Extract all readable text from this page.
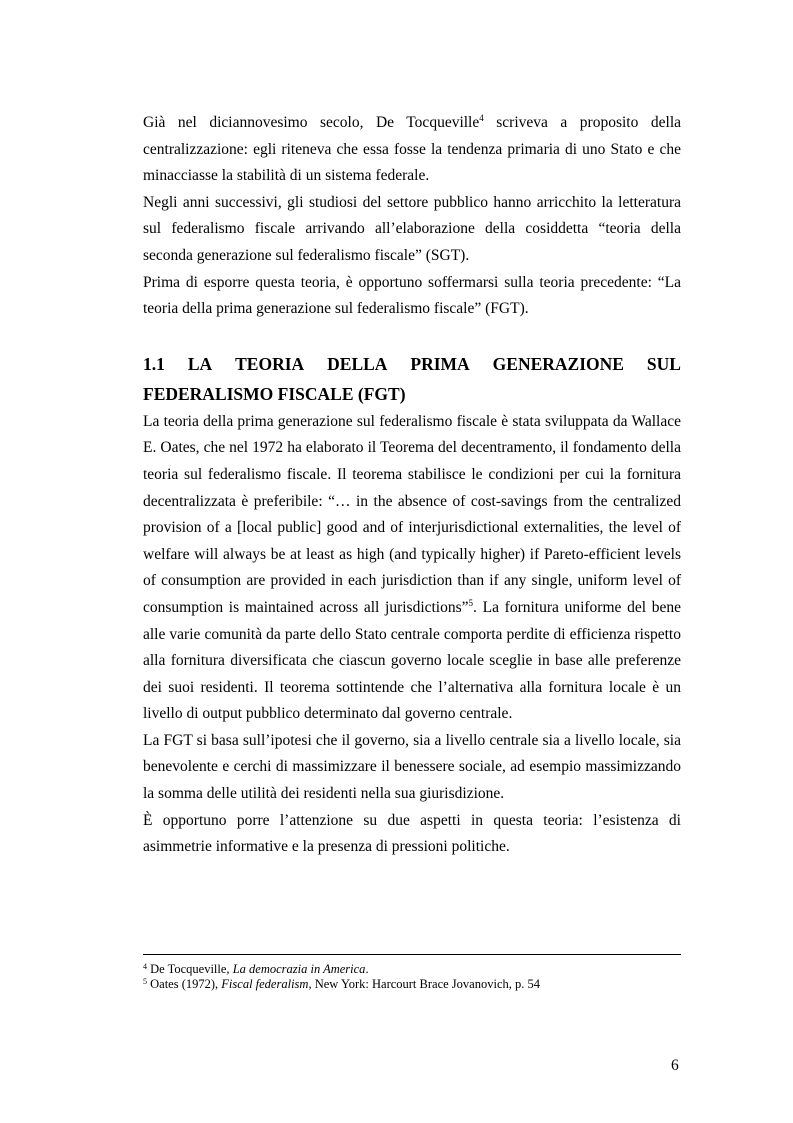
Già nel diciannovesimo secolo, De Tocqueville$^4$ scriveva a proposito della centralizzazione: egli riteneva che essa fosse la tendenza primaria di uno Stato e che minacciasse la stabilità di un sistema federale.

Negli anni successivi, gli studiosi del settore pubblico hanno arricchito la letteratura sul federalismo fiscale arrivando all’elaborazione della cosiddetta “teoria della seconda generazione sul federalismo fiscale” (SGT).

Prima di esporre questa teoria, è opportuno soffermarsi sulla teoria precedente: “La teoria della prima generazione sul federalismo fiscale” (FGT).

1.1 LA TEORIA DELLA PRIMA GENERAZIONE SUL
FEDERALISMO FISCALE (FGT)

La teoria della prima generazione sul federalismo fiscale è stata sviluppata da Wallace E. Oates, che nel 1972 ha elaborato il Teorema del decentramento, il fondamento della teoria sul federalismo fiscale. Il teorema stabilisce le condizioni per cui la fornitura decentralizzata è preferibile: “… in the absence of cost-savings from the centralized provision of a [local public] good and of interjurisdictional externalities, the level of welfare will always be at least as high (and typically higher) if Pareto-efficient levels of consumption are provided in each jurisdiction than if any single, uniform level of consumption is maintained across all jurisdictions”$^5$. La fornitura uniforme del bene alle varie comunità da parte dello Stato centrale comporta perdite di efficienza rispetto alla fornitura diversificata che ciascun governo locale sceglie in base alle preferenze dei suoi residenti. Il teorema sottintende che l’alternativa alla fornitura locale è un livello di output pubblico determinato dal governo centrale.

La FGT si basa sull’ipotesi che il governo, sia a livello centrale sia a livello locale, sia benevolente e cerchi di massimizzare il benessere sociale, ad esempio massimizzando la somma delle utilità dei residenti nella sua giurisdizione.

È opportuno porre l’attenzione su due aspetti in questa teoria: l’esistenza di asimmetrie informative e la presenza di pressioni politiche.

$^4$ De Tocqueville, La democrazia in America.

$^5$ Oates (1972), Fiscal federalism, New York: Harcourt Brace Jovanovich, p. 54

6
